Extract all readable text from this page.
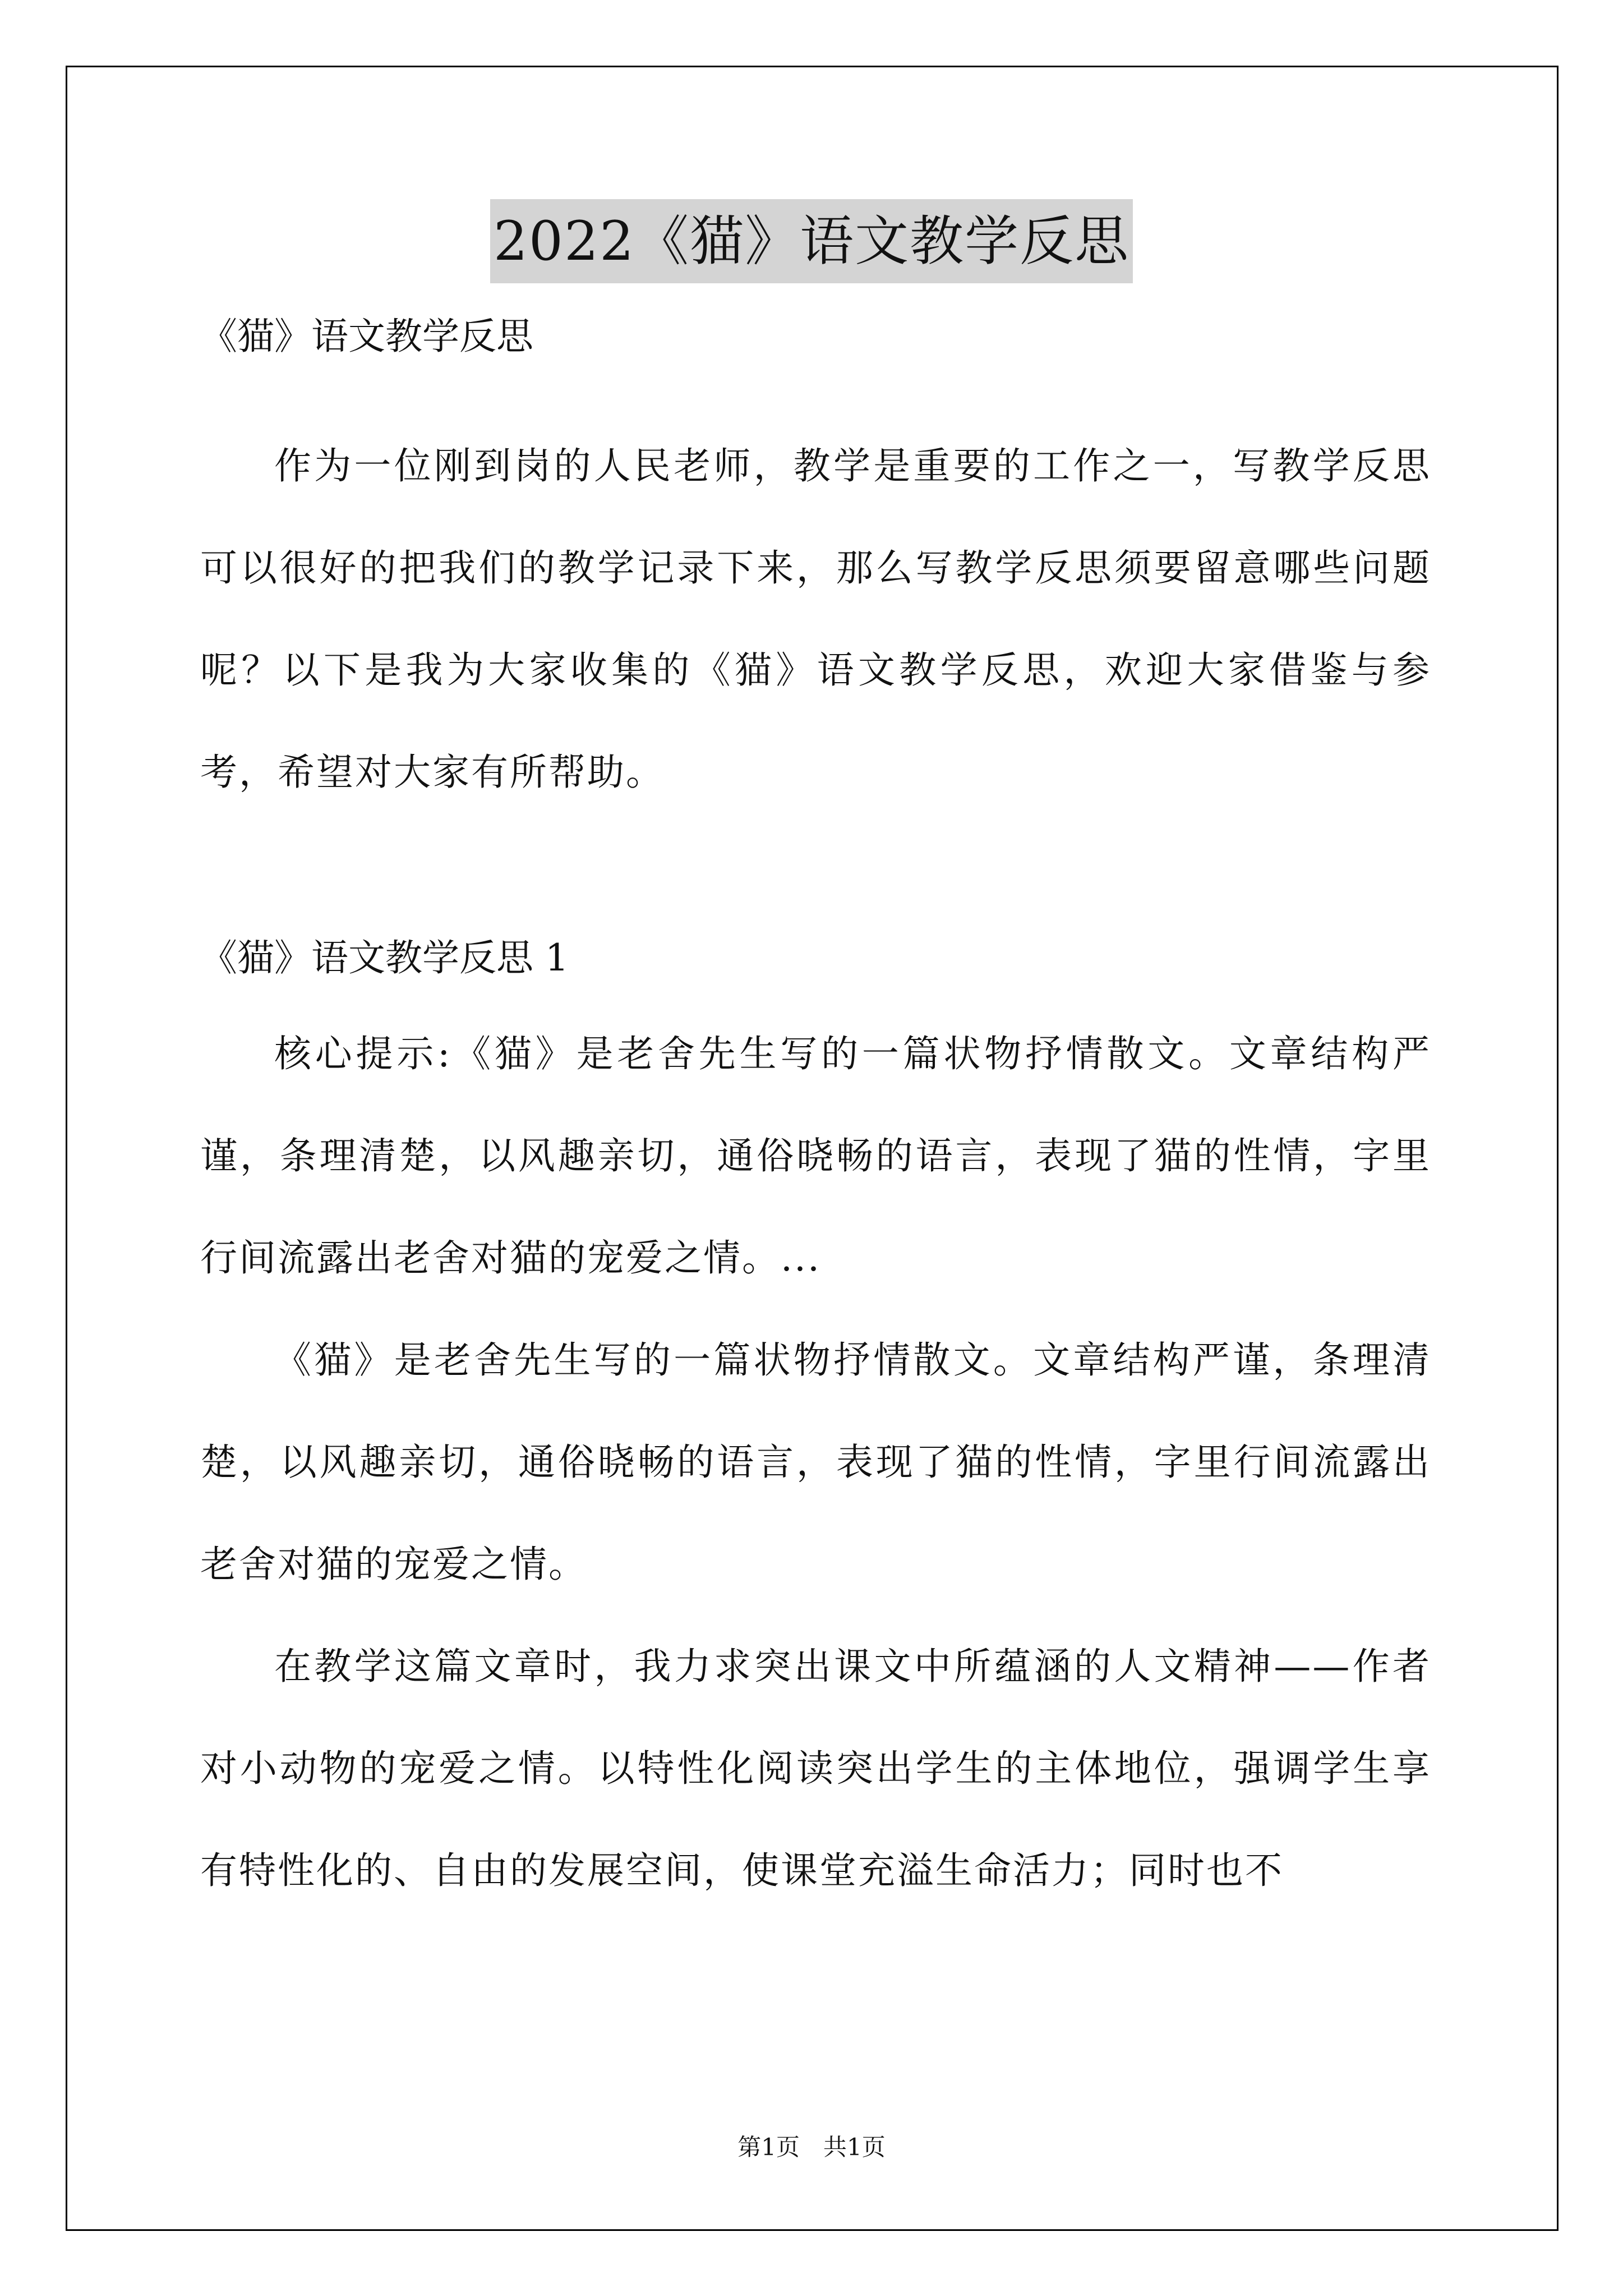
2022《猫》语文教学反思

《猫》语文教学反思

作为一位刚到岗的人民老师，教学是重要的工作之一，写教学反思可以很好的把我们的教学记录下来，那么写教学反思须要留意哪些问题呢？以下是我为大家收集的《猫》语文教学反思，欢迎大家借鉴与参考，希望对大家有所帮助。

《猫》语文教学反思 1

核心提示:《猫》是老舍先生写的一篇状物抒情散文。文章结构严谨，条理清楚，以风趣亲切，通俗晓畅的语言，表现了猫的性情，字里行间流露出老舍对猫的宠爱之情。...

《猫》是老舍先生写的一篇状物抒情散文。文章结构严谨，条理清楚，以风趣亲切，通俗晓畅的语言，表现了猫的性情，字里行间流露出老舍对猫的宠爱之情。

在教学这篇文章时，我力求突出课文中所蕴涵的人文精神——作者对小动物的宠爱之情。以特性化阅读突出学生的主体地位，强调学生享有特性化的、自由的发展空间，使课堂充溢生命活力；同时也不

第1页　共1页
